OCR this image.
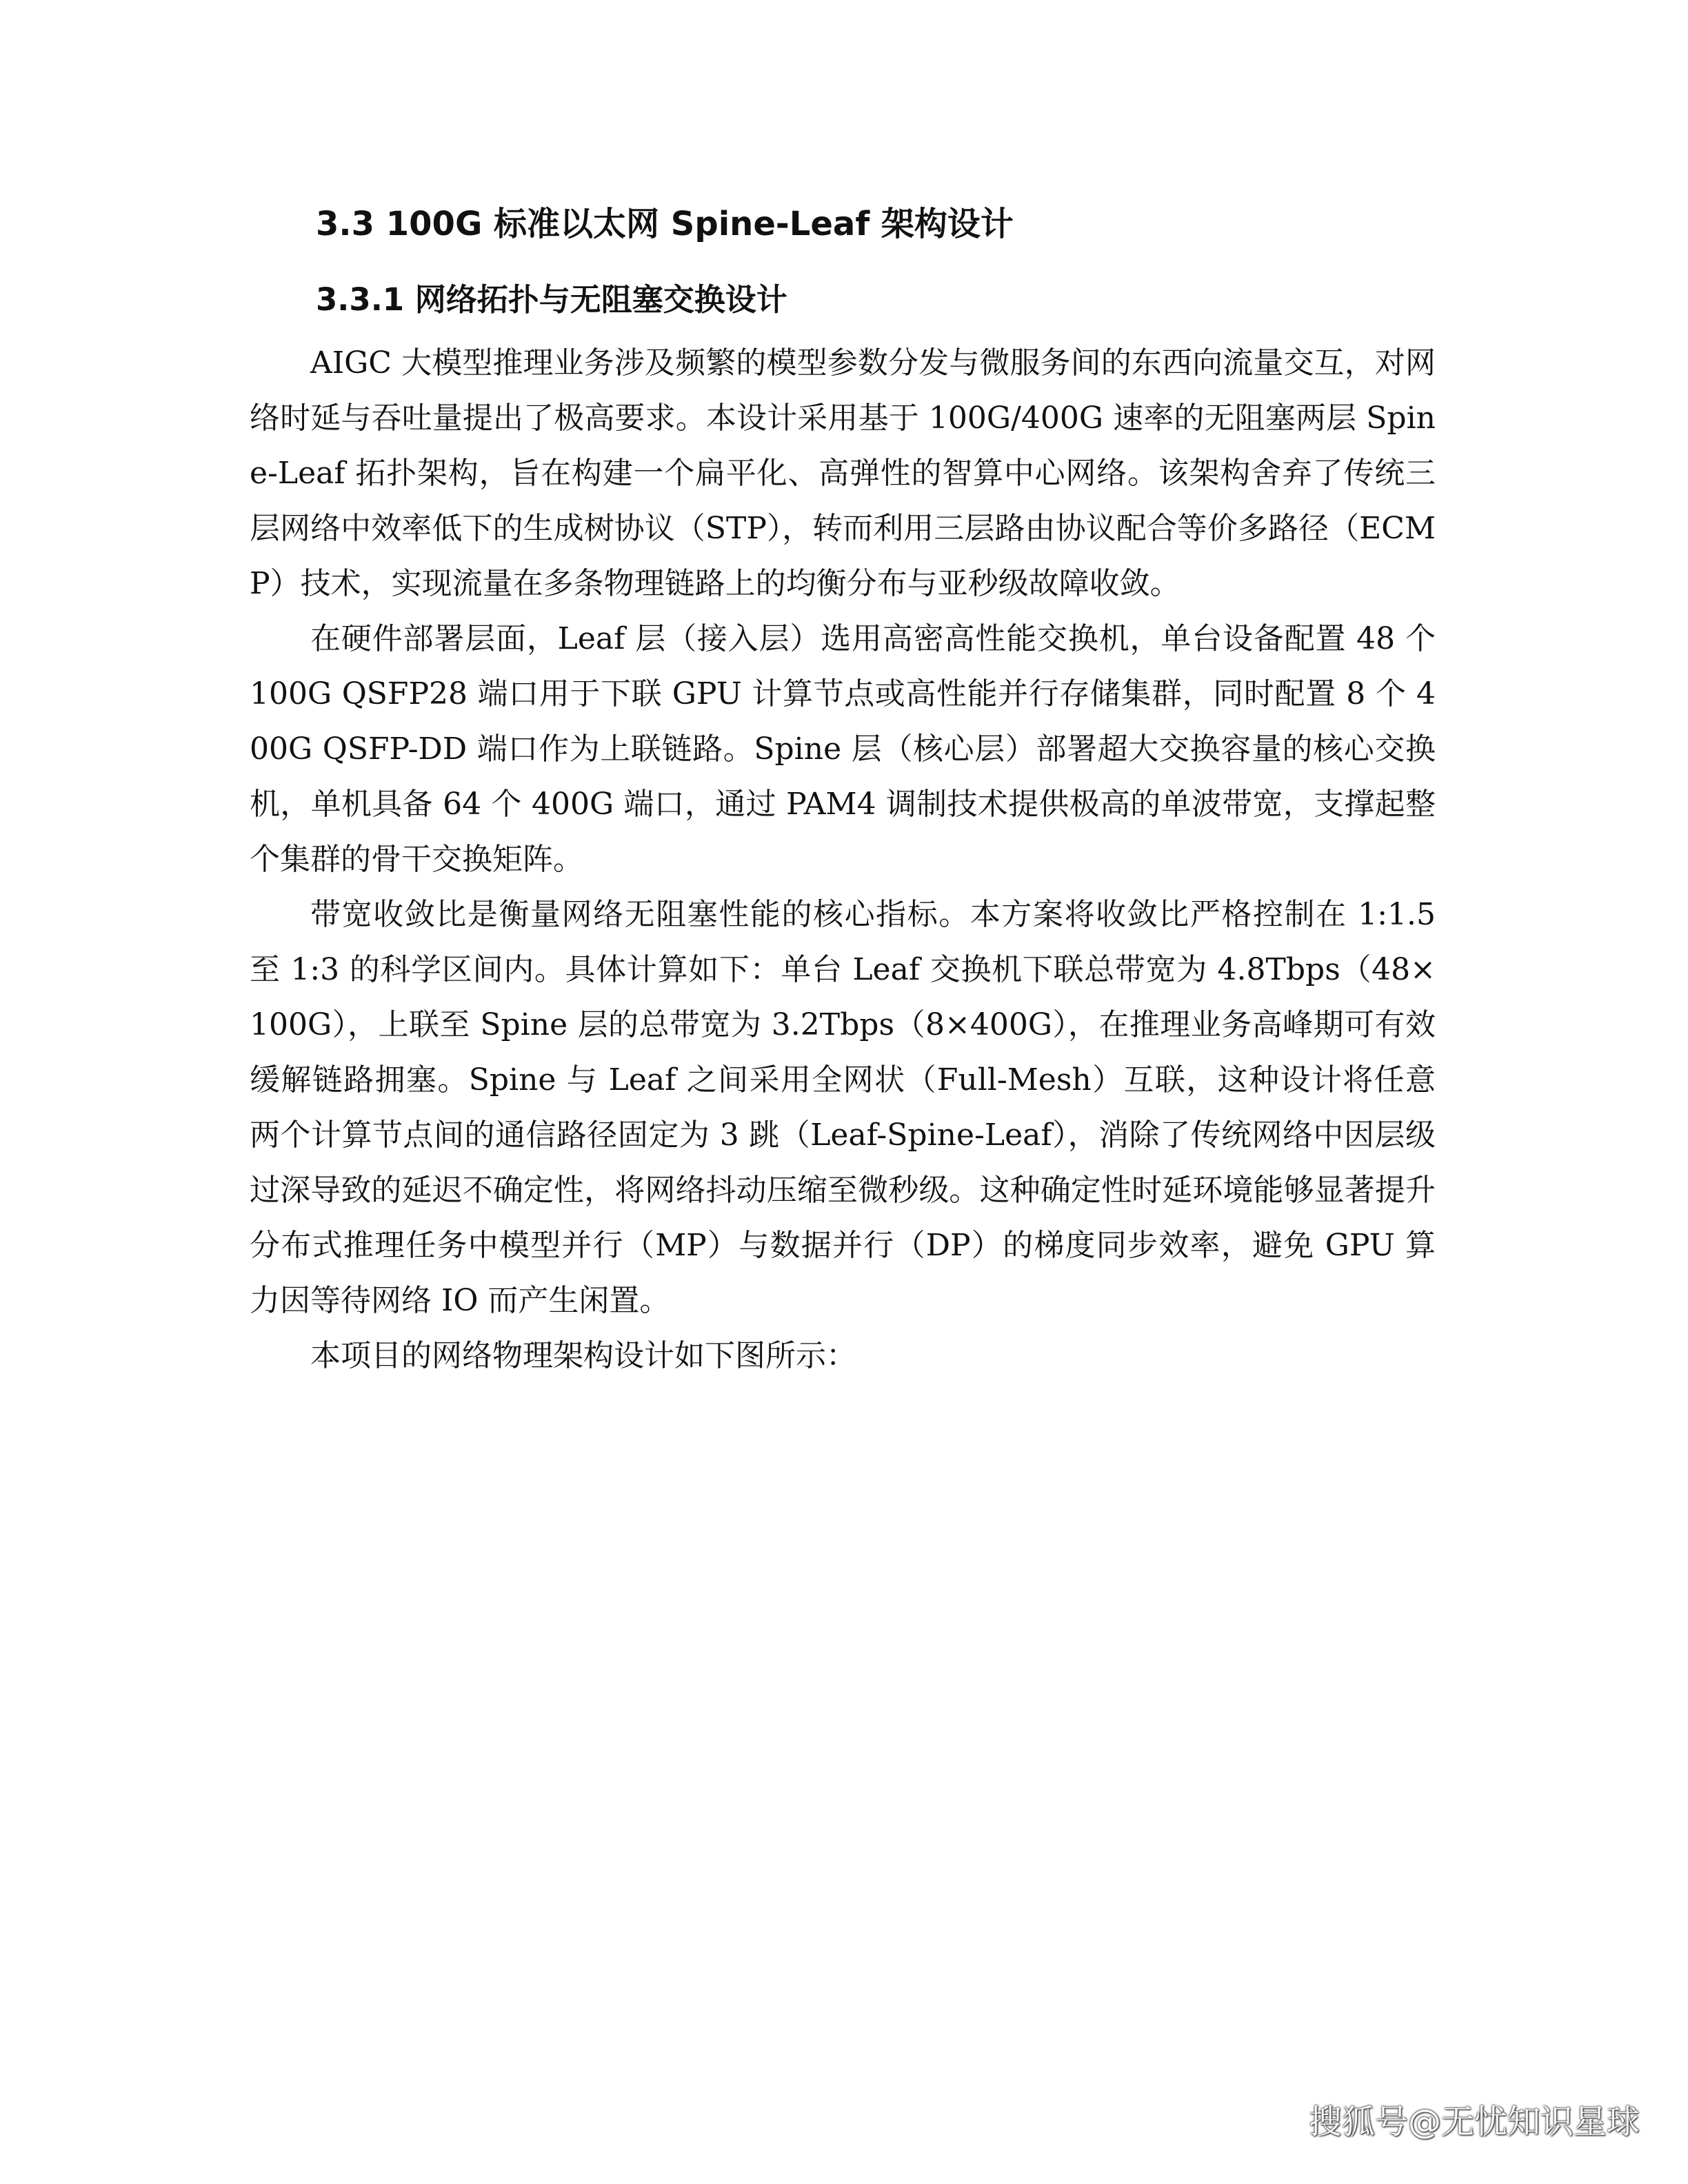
3.3 100G 标准以太网 Spine-Leaf 架构设计
3.3.1 网络拓扑与无阻塞交换设计

AIGC 大模型推理业务涉及频繁的模型参数分发与微服务间的东西向流量交互，对网络时延与吞吐量提出了极高要求。本设计采用基于 100G/400G 速率的无阻塞两层 Spine-Leaf 拓扑架构，旨在构建一个扁平化、高弹性的智算中心网络。该架构舍弃了传统三层网络中效率低下的生成树协议（STP），转而利用三层路由协议配合等价多路径（ECMP）技术，实现流量在多条物理链路上的均衡分布与亚秒级故障收敛。

在硬件部署层面，Leaf 层（接入层）选用高密高性能交换机，单台设备配置 48 个 100G QSFP28 端口用于下联 GPU 计算节点或高性能并行存储集群，同时配置 8 个 400G QSFP-DD 端口作为上联链路。Spine 层（核心层）部署超大交换容量的核心交换机，单机具备 64 个 400G 端口，通过 PAM4 调制技术提供极高的单波带宽，支撑起整个集群的骨干交换矩阵。

带宽收敛比是衡量网络无阻塞性能的核心指标。本方案将收敛比严格控制在 1:1.5 至 1:3 的科学区间内。具体计算如下：单台 Leaf 交换机下联总带宽为 4.8Tbps（48×100G），上联至 Spine 层的总带宽为 3.2Tbps（8×400G），在推理业务高峰期可有效缓解链路拥塞。Spine 与 Leaf 之间采用全网状（Full-Mesh）互联，这种设计将任意两个计算节点间的通信路径固定为 3 跳（Leaf-Spine-Leaf），消除了传统网络中因层级过深导致的延迟不确定性，将网络抖动压缩至微秒级。这种确定性时延环境能够显著提升分布式推理任务中模型并行（MP）与数据并行（DP）的梯度同步效率，避免 GPU 算力因等待网络 IO 而产生闲置。

本项目的网络物理架构设计如下图所示：

搜狐号@无忧知识星球
